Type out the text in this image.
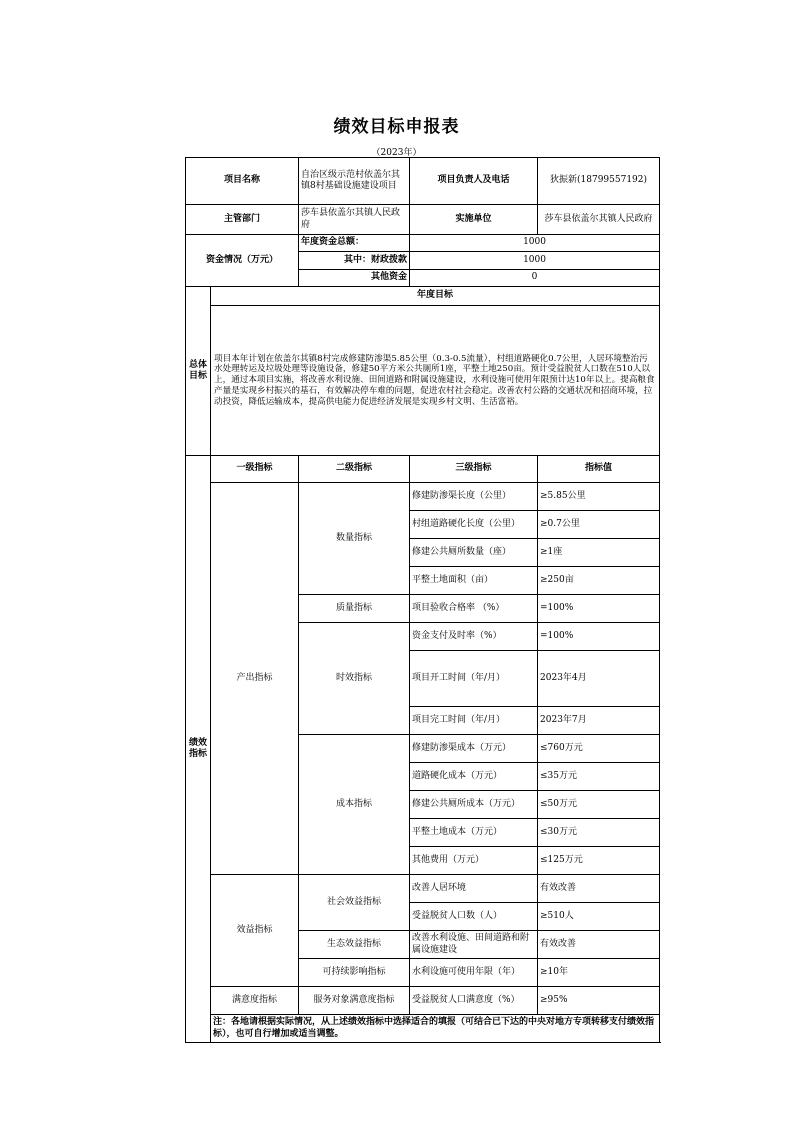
绩效目标申报表
（2023年）
项目名称		自治区级示范村依盖尔其镇8村基础设施建设项目	项目负责人及电话	狄振新(18799557192)
主管部门		莎车县依盖尔其镇人民政府	实施单位	莎车县依盖尔其镇人民政府
资金情况（万元）		年度资金总额：	1000	
		其中：财政拨款	1000	
		其他资金	0	
总体目标	年度目标			
	项目本年计划在依盖尔其镇8村完成修建防渗渠5.85公里（0.3-0.5流量），村组道路硬化0.7公里，人居环境整治污水处理转运及垃圾处理等设施设备，修建50平方米公共厕所1座，平整土地250亩。预计受益脱贫人口数在510人以上，通过本项目实施，将改善水利设施、田间道路和附属设施建设，水利设施可使用年限预计达10年以上。提高粮食产量是实现乡村振兴的基石，有效解决停车难的问题，促进农村社会稳定。改善农村公路的交通状况和招商环境，拉动投资，降低运输成本，提高供电能力促进经济发展是实现乡村文明、生活富裕。			
绩效指标	一级指标	二级指标	三级指标	指标值
	产出指标	数量指标	修建防渗渠长度（公里）	≥5.85公里
			村组道路硬化长度（公里）	≥0.7公里
			修建公共厕所数量（座）	≥1座
			平整土地面积（亩）	≥250亩
		质量指标	项目验收合格率 （%）	=100%
		时效指标	资金支付及时率（%）	=100%
			项目开工时间（年/月）	2023年4月
			项目完工时间（年/月）	2023年7月
		成本指标	修建防渗渠成本（万元）	≤760万元
			道路硬化成本（万元）	≤35万元
			修建公共厕所成本（万元）	≤50万元
			平整土地成本（万元）	≤30万元
			其他费用（万元）	≤125万元
	效益指标	社会效益指标	改善人居环境	有效改善
			受益脱贫人口数（人）	≥510人
		生态效益指标	改善水利设施、田间道路和附属设施建设	有效改善
		可持续影响指标	水利设施可使用年限（年）	≥10年
	满意度指标	服务对象满意度指标	受益脱贫人口满意度（%）	≥95%
	注：各地请根据实际情况，从上述绩效指标中选择适合的填报（可结合已下达的中央对地方专项转移支付绩效指标），也可自行增加或适当调整。			
